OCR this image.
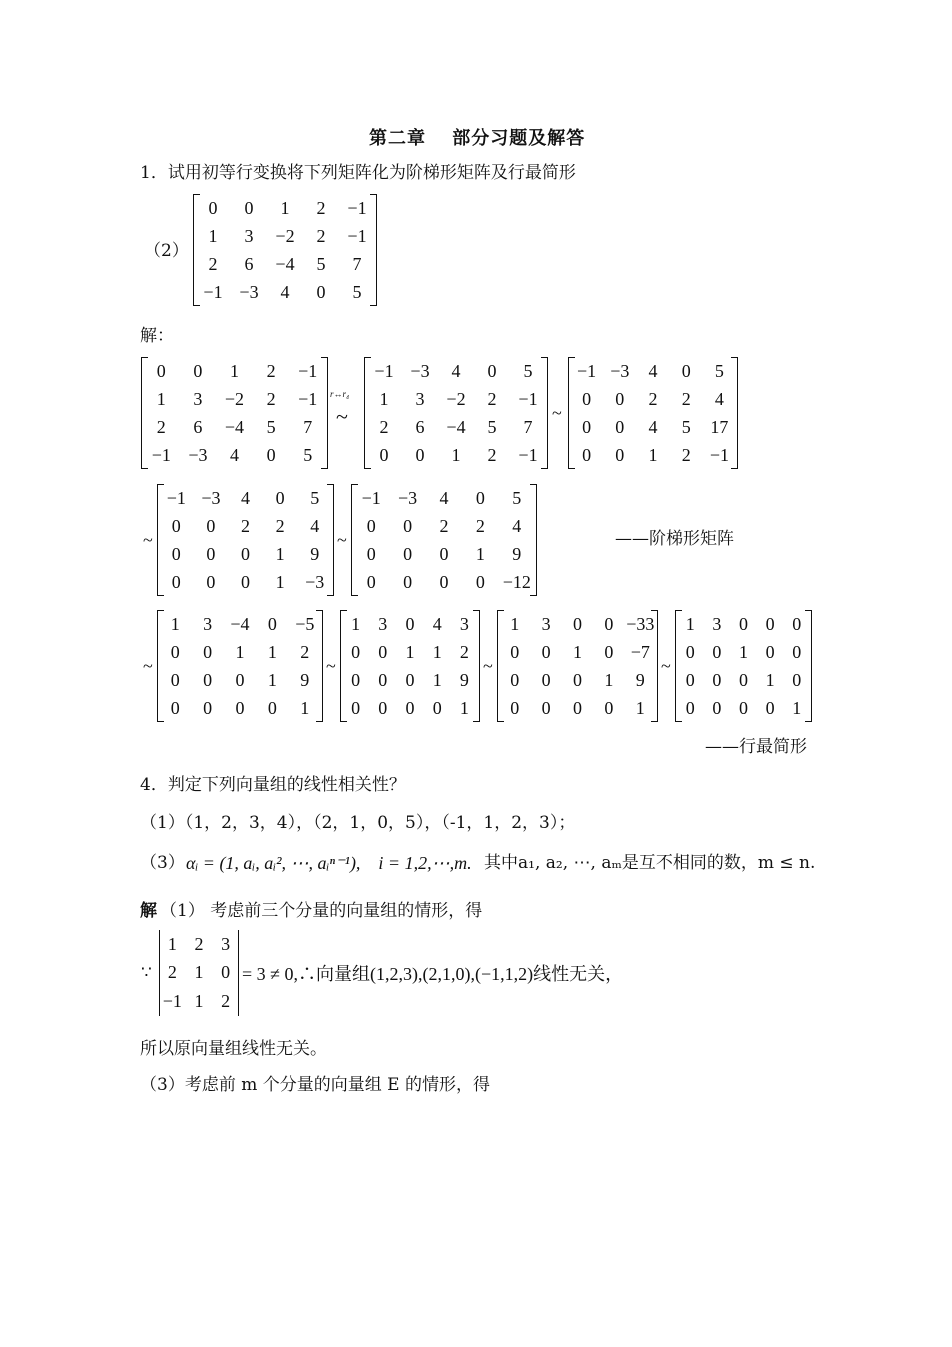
第二章　 部分习题及解答
1．试用初等行变换将下列矩阵化为阶梯形矩阵及行最简形
（2）
0	0	1	2	−1
1	3	−2	2	−1
2	6	−4	5	7
−1 −3	4	0	5
解：
0	0	1	2	−1
1	3	−2	2	−1
2	6	−4	5	7
−1 −3	4	0	5
r↔r₄
~
−1 −3	4	0	5
1	3	−2	2	−1
2	6	−4	5	7
0	0	1	2	−1
~
−1 −3	4	0	5
0	0	2	2	4
0	0	4	5	17
0	0	1	2	−1
~
−1 −3	4	0	5
0	0	2	2	4
0	0	0	1	9
0	0	0	1	−3
~
−1 −3	4	0	5
0	0	2	2	4
0	0	0	1	9
0	0	0	0 −12
——阶梯形矩阵
~
1	3	−4	0	−5
0	0	1	1	2
0	0	0	1	9
0	0	0	0	1
~
1	3	0	4	3
0	0	1	1	2
0	0	0	1	9
0	0	0	0	1
~
1	3	0	0 −33
0	0	1	0 −7
0	0	0	1	9
0	0	0	0	1
~
1 3 0 0 0
0 0 1 0 0
0 0 0 1 0
0 0 0 0 1
——行最简形
4．判定下列向量组的线性相关性？
（1）（1，2，3，4），（2，1，0，5），（-1，1，2，3）；
（3） αᵢ = (1, aᵢ, aᵢ², ⋯, aᵢⁿ⁻¹),　i = 1,2,⋯,m. 其中a₁, a₂, ⋯, aₘ是互不相同的数，m ≤ n.
解 （1） 考虑前三个分量的向量组的情形，得
∵
1 2 3
2 1 0
−1 1 2
= 3 ≠ 0,∴向量组(1,2,3),(2,1,0),(−1,1,2)线性无关，
所以原向量组线性无关。
（3）考虑前 m 个分量的向量组 E 的情形，得
